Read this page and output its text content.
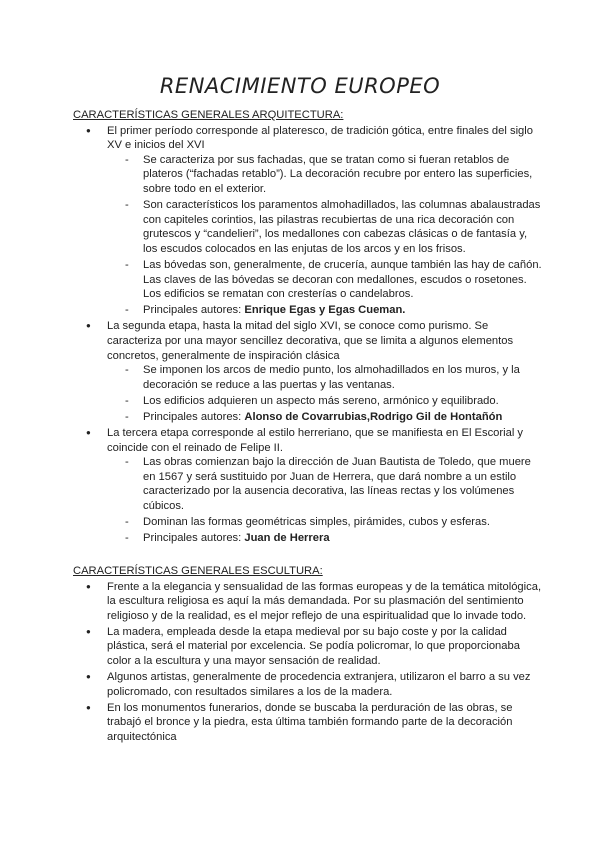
RENACIMIENTO EUROPEO
CARACTERÍSTICAS GENERALES ARQUITECTURA:
● El primer período corresponde al plateresco, de tradición gótica, entre finales del siglo XV e inicios del XVI
- Se caracteriza por sus fachadas, que se tratan como si fueran retablos de plateros (“fachadas retablo”). La decoración recubre por entero las superficies, sobre todo en el exterior.
- Son característicos los paramentos almohadillados, las columnas abalaustradas con capiteles corintios, las pilastras recubiertas de una rica decoración con grutescos y “candelieri”, los medallones con cabezas clásicas o de fantasía y, los escudos colocados en las enjutas de los arcos y en los frisos.
- Las bóvedas son, generalmente, de crucería, aunque también las hay de cañón. Las claves de las bóvedas se decoran con medallones, escudos o rosetones. Los edificios se rematan con cresterías o candelabros.
- Principales autores: Enrique Egas y Egas Cueman.
● La segunda etapa, hasta la mitad del siglo XVI, se conoce como purismo. Se caracteriza por una mayor sencillez decorativa, que se limita a algunos elementos concretos, generalmente de inspiración clásica
- Se imponen los arcos de medio punto, los almohadillados en los muros, y la decoración se reduce a las puertas y las ventanas.
- Los edificios adquieren un aspecto más sereno, armónico y equilibrado.
- Principales autores: Alonso de Covarrubias,Rodrigo Gil de Hontañón
● La tercera etapa corresponde al estilo herreriano, que se manifiesta en El Escorial y coincide con el reinado de Felipe II.
- Las obras comienzan bajo la dirección de Juan Bautista de Toledo, que muere en 1567 y será sustituido por Juan de Herrera, que dará nombre a un estilo caracterizado por la ausencia decorativa, las líneas rectas y los volúmenes cúbicos.
- Dominan las formas geométricas simples, pirámides, cubos y esferas.
- Principales autores: Juan de Herrera
CARACTERÍSTICAS GENERALES ESCULTURA:
● Frente a la elegancia y sensualidad de las formas europeas y de la temática mitológica, la escultura religiosa es aquí la más demandada. Por su plasmación del sentimiento religioso y de la realidad, es el mejor reflejo de una espiritualidad que lo invade todo.
● La madera, empleada desde la etapa medieval por su bajo coste y por la calidad plástica, será el material por excelencia. Se podía policromar, lo que proporcionaba color a la escultura y una mayor sensación de realidad.
● Algunos artistas, generalmente de procedencia extranjera, utilizaron el barro a su vez policromado, con resultados similares a los de la madera.
● En los monumentos funerarios, donde se buscaba la perduración de las obras, se trabajó el bronce y la piedra, esta última también formando parte de la decoración arquitectónica
